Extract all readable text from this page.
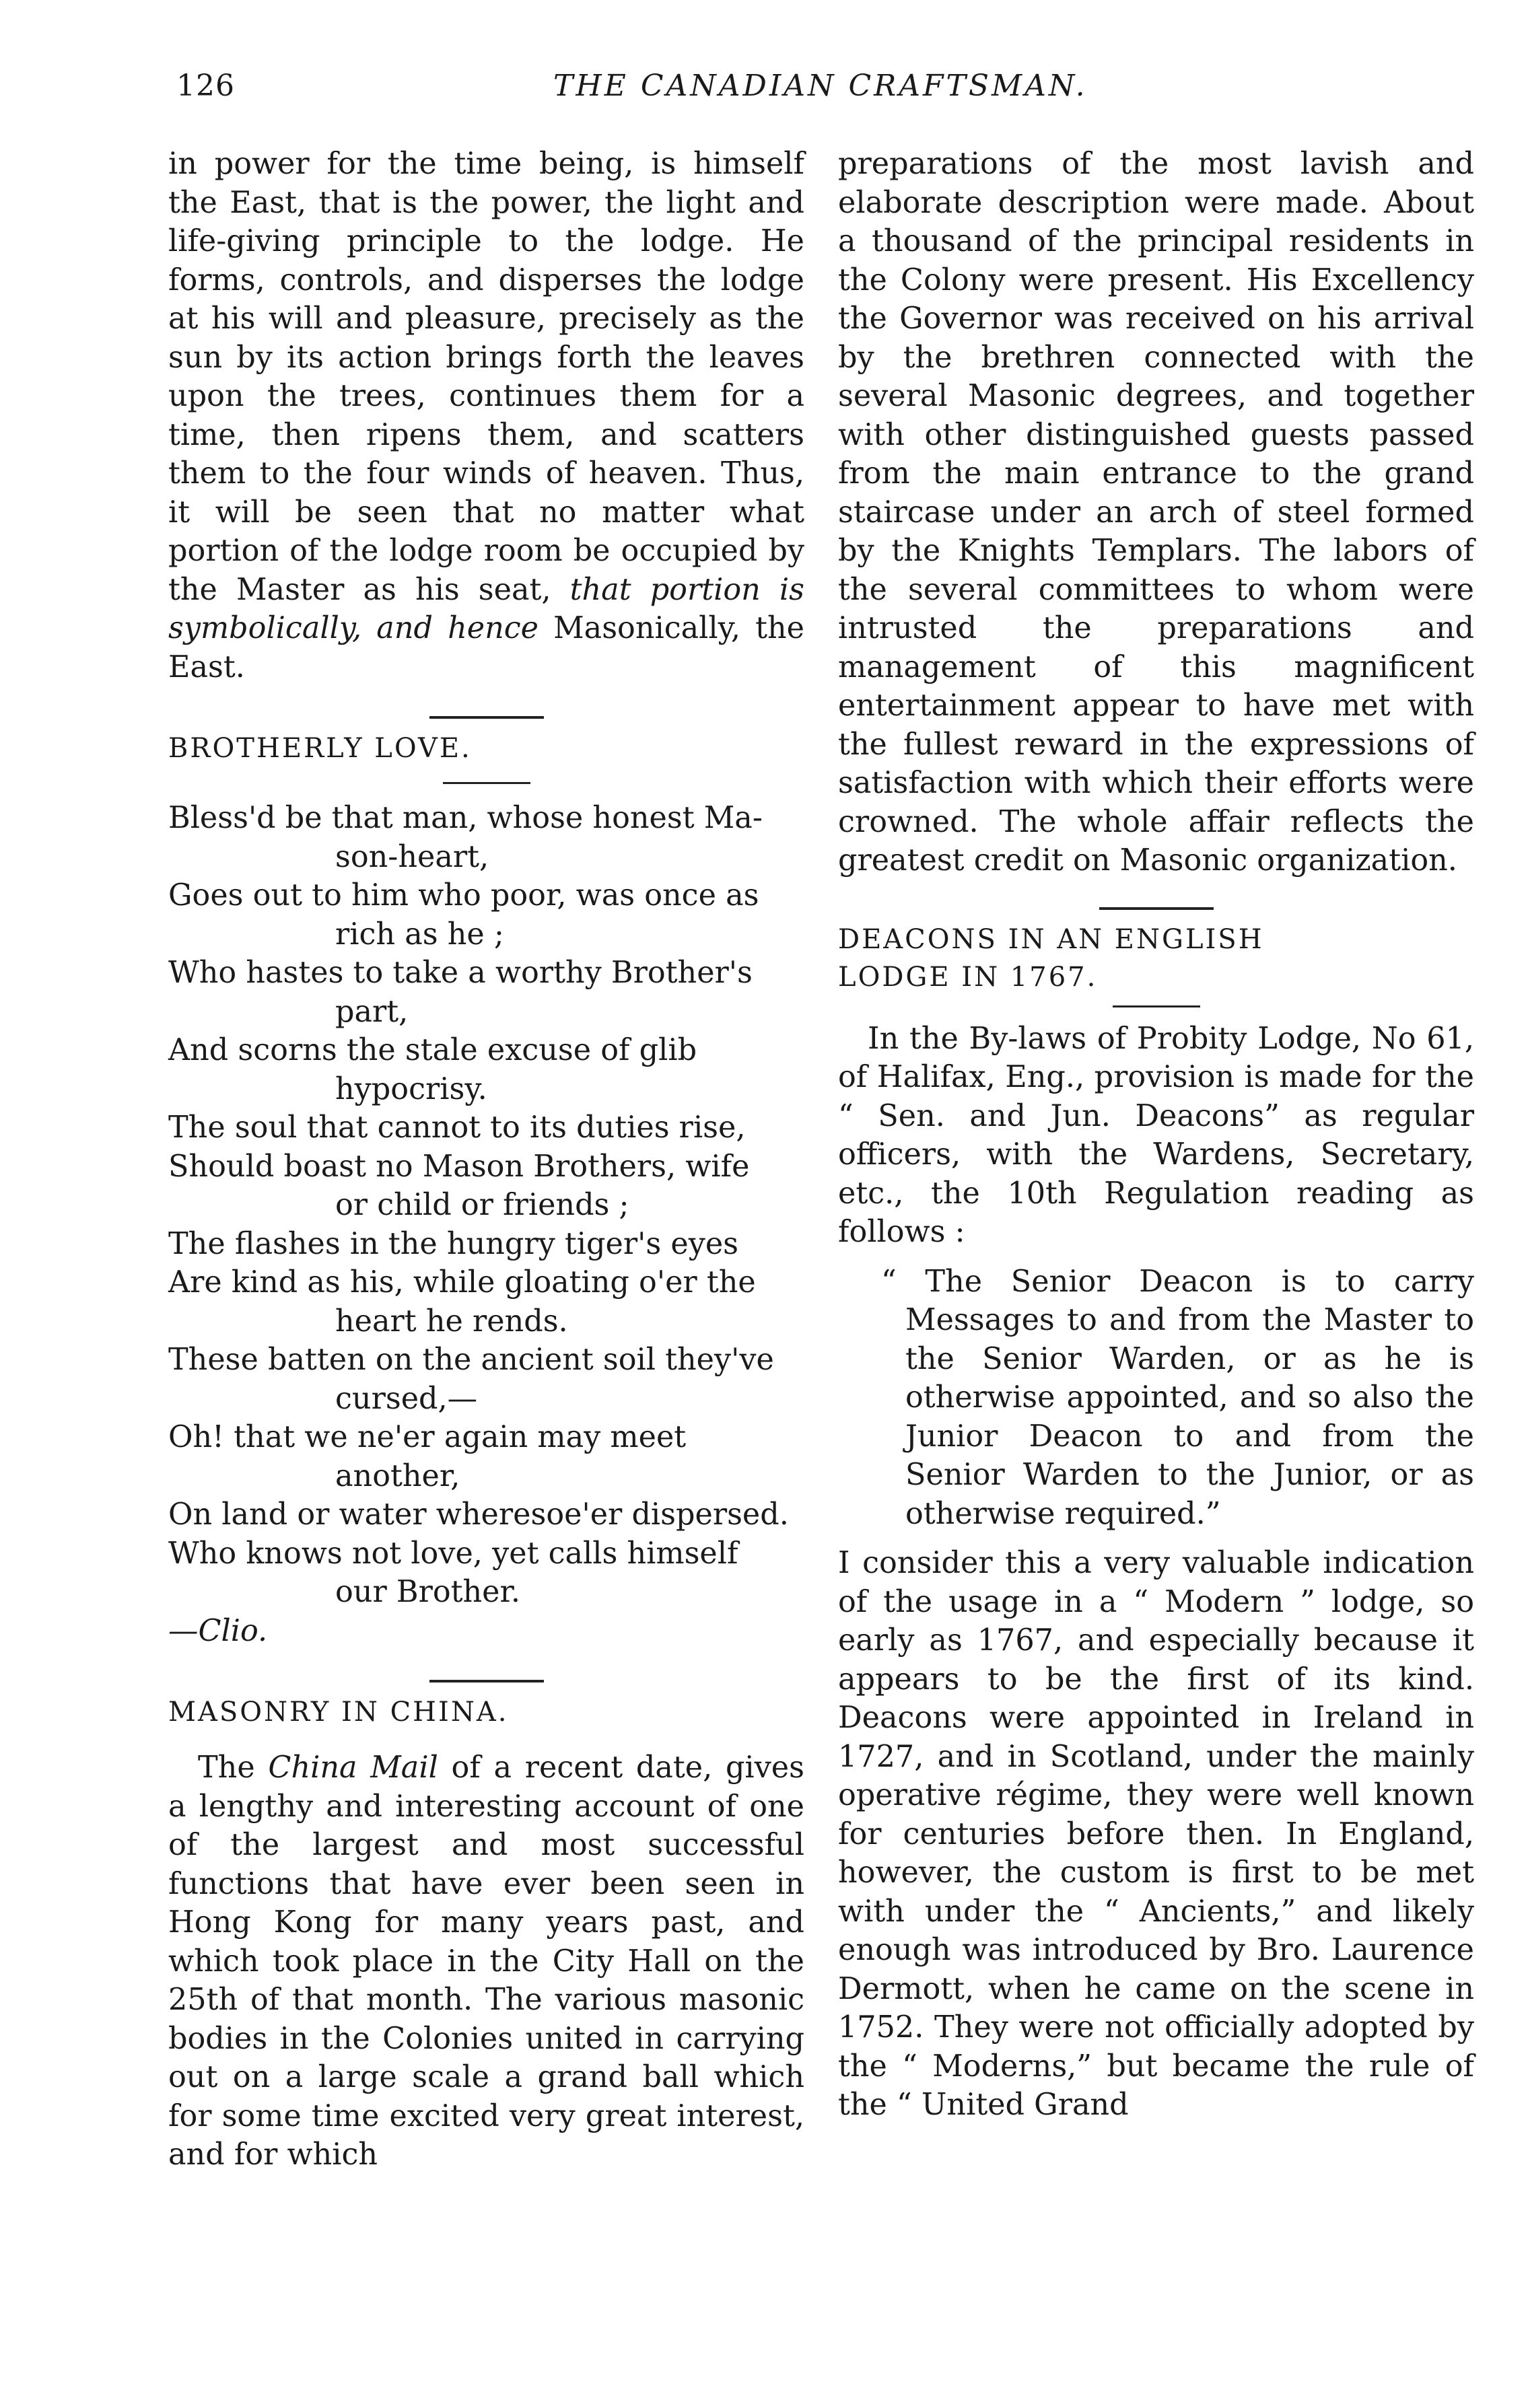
126	THE CANADIAN CRAFTSMAN.

in power for the time being, is himself the East, that is the power, the light and life-giving principle to the lodge. He forms, controls, and disperses the lodge at his will and pleasure, precisely as the sun by its action brings forth the leaves upon the trees, continues them for a time, then ripens them, and scatters them to the four winds of heaven. Thus, it will be seen that no matter what portion of the lodge room be occupied by the Master as his seat, that portion is symbolically, and hence Masonically, the East.

BROTHERLY LOVE.

Bless'd be that man, whose honest Ma-
son-heart,

Goes out to him who poor, was once as
rich as he ;

Who hastes to take a worthy Brother's
part,

And scorns the stale excuse of glib
hypocrisy.

The soul that cannot to its duties rise,

Should boast no Mason Brothers, wife
or child or friends ;

The flashes in the hungry tiger's eyes

Are kind as his, while gloating o'er the
heart he rends.

These batten on the ancient soil they've
cursed,—

Oh! that we ne'er again may meet
another,

On land or water wheresoe'er dispersed.

Who knows not love, yet calls himself
our Brother.

—Clio.

MASONRY IN CHINA.

The China Mail of a recent date, gives a lengthy and interesting account of one of the largest and most successful functions that have ever been seen in Hong Kong for many years past, and which took place in the City Hall on the 25th of that month. The various masonic bodies in the Colonies united in carrying out on a large scale a grand ball which for some time excited very great interest, and for which

preparations of the most lavish and elaborate description were made. About a thousand of the principal residents in the Colony were present. His Excellency the Governor was received on his arrival by the brethren connected with the several Masonic degrees, and together with other distinguished guests passed from the main entrance to the grand staircase under an arch of steel formed by the Knights Templars. The labors of the several committees to whom were intrusted the preparations and management of this magnificent entertainment appear to have met with the fullest reward in the expressions of satisfaction with which their efforts were crowned. The whole affair reflects the greatest credit on Masonic organization.

DEACONS IN AN ENGLISH

LODGE IN 1767.

In the By-laws of Probity Lodge, No 61, of Halifax, Eng., provision is made for the “ Sen. and Jun. Deacons” as regular officers, with the Wardens, Secretary, etc., the 10th Regulation reading as follows :

“ The Senior Deacon is to carry Messages to and from the Master to the Senior Warden, or as he is otherwise appointed, and so also the Junior Deacon to and from the Senior Warden to the Junior, or as otherwise required.”

I consider this a very valuable indication of the usage in a “ Modern ” lodge, so early as 1767, and especially because it appears to be the first of its kind. Deacons were appointed in Ireland in 1727, and in Scotland, under the mainly operative régime, they were well known for centuries before then. In England, however, the custom is first to be met with under the “ Ancients,” and likely enough was introduced by Bro. Laurence Dermott, when he came on the scene in 1752. They were not officially adopted by the “ Moderns,” but became the rule of the “ United Grand
